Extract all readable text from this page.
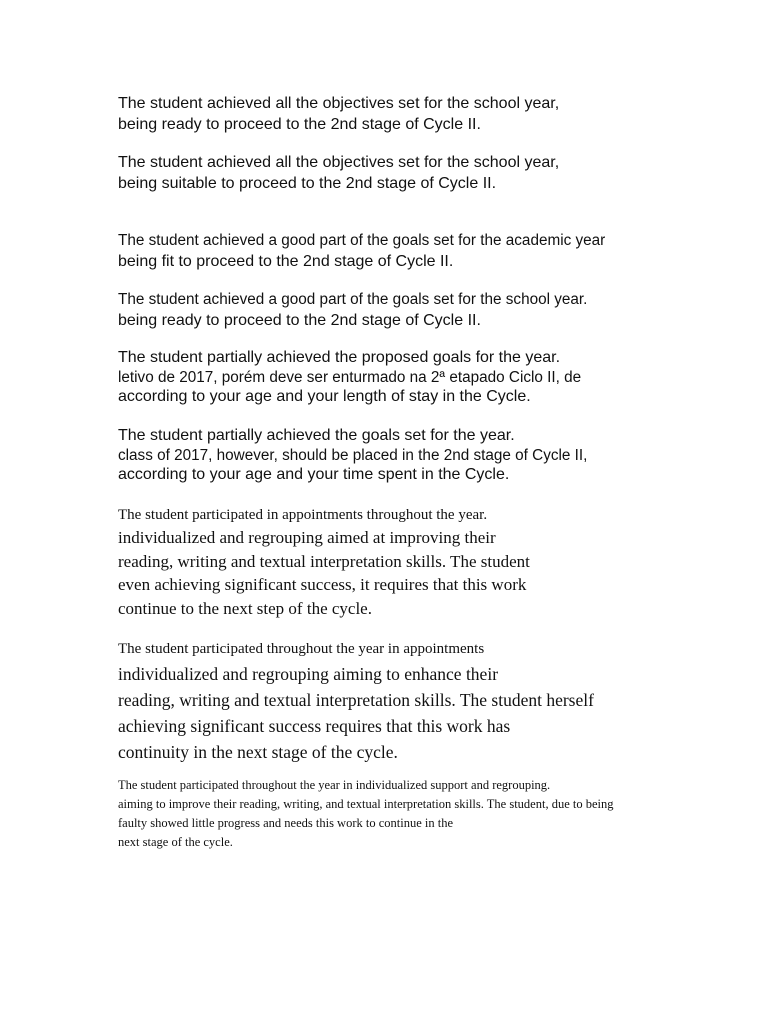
The student achieved all the objectives set for the school year,
being ready to proceed to the 2nd stage of Cycle II.

The student achieved all the objectives set for the school year,
being suitable to proceed to the 2nd stage of Cycle II.

The student achieved a good part of the goals set for the academic year
being fit to proceed to the 2nd stage of Cycle II.

The student achieved a good part of the goals set for the school year.
being ready to proceed to the 2nd stage of Cycle II.

The student partially achieved the proposed goals for the year.
letivo de 2017, porém deve ser enturmado na 2ª etapado Ciclo II, de
according to your age and your length of stay in the Cycle.

The student partially achieved the goals set for the year.
class of 2017, however, should be placed in the 2nd stage of Cycle II,
according to your age and your time spent in the Cycle.

The student participated in appointments throughout the year.
individualized and regrouping aimed at improving their
reading, writing and textual interpretation skills. The student
even achieving significant success, it requires that this work
continue to the next step of the cycle.

The student participated throughout the year in appointments
individualized and regrouping aiming to enhance their
reading, writing and textual interpretation skills. The student herself
achieving significant success requires that this work has
continuity in the next stage of the cycle.

The student participated throughout the year in individualized support and regrouping.
aiming to improve their reading, writing, and textual interpretation skills. The student, due to being
faulty showed little progress and needs this work to continue in the
next stage of the cycle.
